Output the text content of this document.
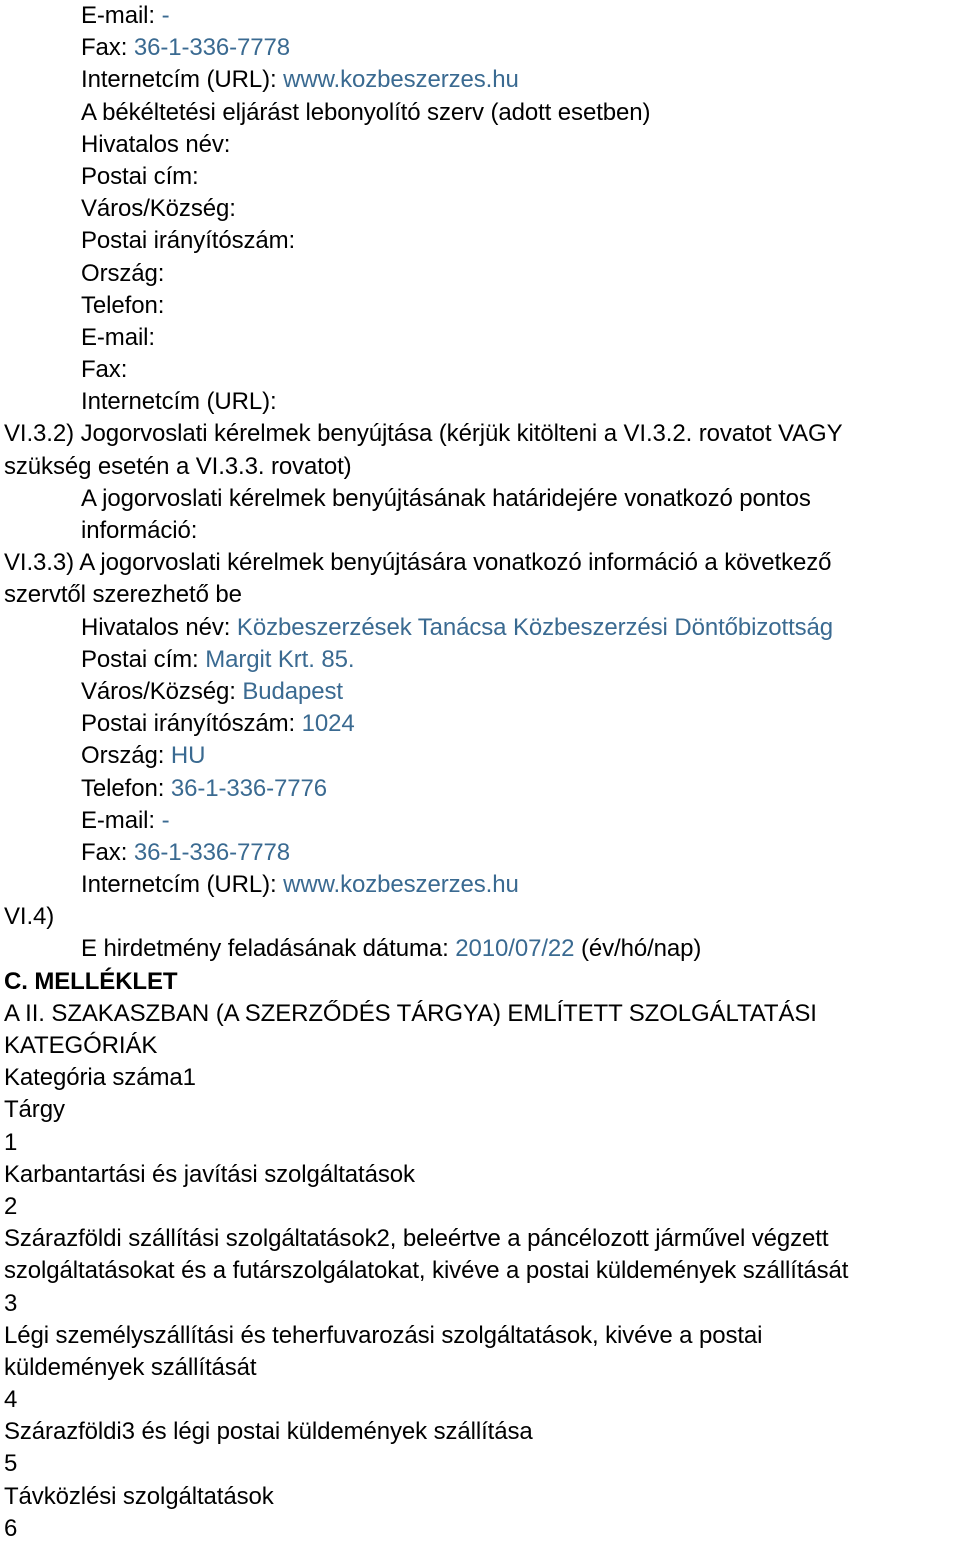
E-mail: -
Fax: 36-1-336-7778
Internetcím (URL): www.kozbeszerzes.hu
A békéltetési eljárást lebonyolító szerv (adott esetben)
Hivatalos név:
Postai cím:
Város/Község:
Postai irányítószám:
Ország:
Telefon:
E-mail:
Fax:
Internetcím (URL):
VI.3.2) Jogorvoslati kérelmek benyújtása (kérjük kitölteni a VI.3.2. rovatot VAGY
szükség esetén a VI.3.3. rovatot)
A jogorvoslati kérelmek benyújtásának határidejére vonatkozó pontos
információ:
VI.3.3) A jogorvoslati kérelmek benyújtására vonatkozó információ a következő
szervtől szerezhető be
Hivatalos név: Közbeszerzések Tanácsa Közbeszerzési Döntőbizottság
Postai cím: Margit Krt. 85.
Város/Község: Budapest
Postai irányítószám: 1024
Ország: HU
Telefon: 36-1-336-7776
E-mail: -
Fax: 36-1-336-7778
Internetcím (URL): www.kozbeszerzes.hu
VI.4)
E hirdetmény feladásának dátuma: 2010/07/22 (év/hó/nap)
C. MELLÉKLET
A II. SZAKASZBAN (A SZERZŐDÉS TÁRGYA) EMLÍTETT SZOLGÁLTATÁSI
KATEGÓRIÁK
Kategória száma1
Tárgy
1
Karbantartási és javítási szolgáltatások
2
Szárazföldi szállítási szolgáltatások2, beleértve a páncélozott járművel végzett
szolgáltatásokat és a futárszolgálatokat, kivéve a postai küldemények szállítását
3
Légi személyszállítási és teherfuvarozási szolgáltatások, kivéve a postai
küldemények szállítását
4
Szárazföldi3 és légi postai küldemények szállítása
5
Távközlési szolgáltatások
6
